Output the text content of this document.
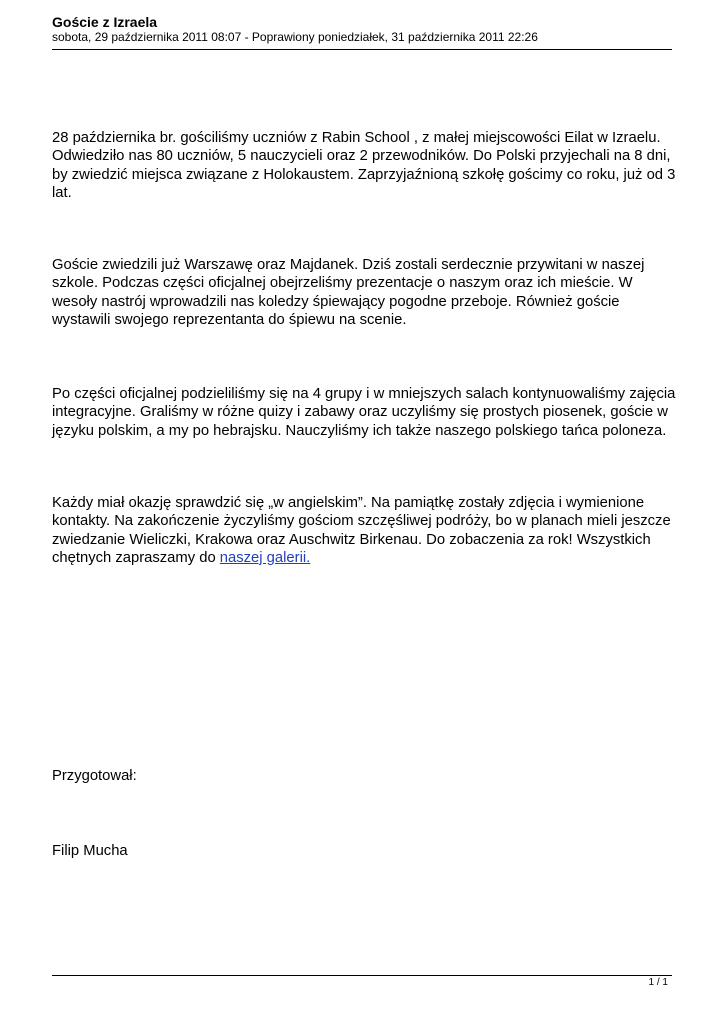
Goście z Izraela
sobota, 29 października 2011 08:07 - Poprawiony poniedziałek, 31 października 2011 22:26

28 października br. gościliśmy uczniów z Rabin School , z małej miejscowości Eilat w Izraelu. Odwiedziło nas 80 uczniów, 5 nauczycieli oraz 2 przewodników. Do Polski przyjechali na 8 dni, by zwiedzić miejsca związane z Holokaustem. Zaprzyjaźnioną szkołę gościmy co roku, już od 3 lat.

Goście zwiedzili już Warszawę oraz Majdanek. Dziś zostali serdecznie przywitani w naszej szkole. Podczas części oficjalnej obejrzeliśmy prezentacje o naszym oraz ich mieście. W wesoły nastrój wprowadzili nas koledzy śpiewający pogodne przeboje. Również goście wystawili swojego reprezentanta do śpiewu na scenie.

Po części oficjalnej podzieliliśmy się na 4 grupy i w mniejszych salach kontynuowaliśmy zajęcia integracyjne. Graliśmy w różne quizy i zabawy oraz uczyliśmy się prostych piosenek, goście w języku polskim, a my po hebrajsku. Nauczyliśmy ich także naszego polskiego tańca poloneza.

Każdy miał okazję sprawdzić się „w angielskim”. Na pamiątkę zostały zdjęcia i wymienione kontakty. Na zakończenie życzyliśmy gościom szczęśliwej podróży, bo w planach mieli jeszcze zwiedzanie Wieliczki, Krakowa oraz Auschwitz Birkenau. Do zobaczenia za rok! Wszystkich chętnych zapraszamy do naszej galerii.

Przygotował:

Filip Mucha

1 / 1
